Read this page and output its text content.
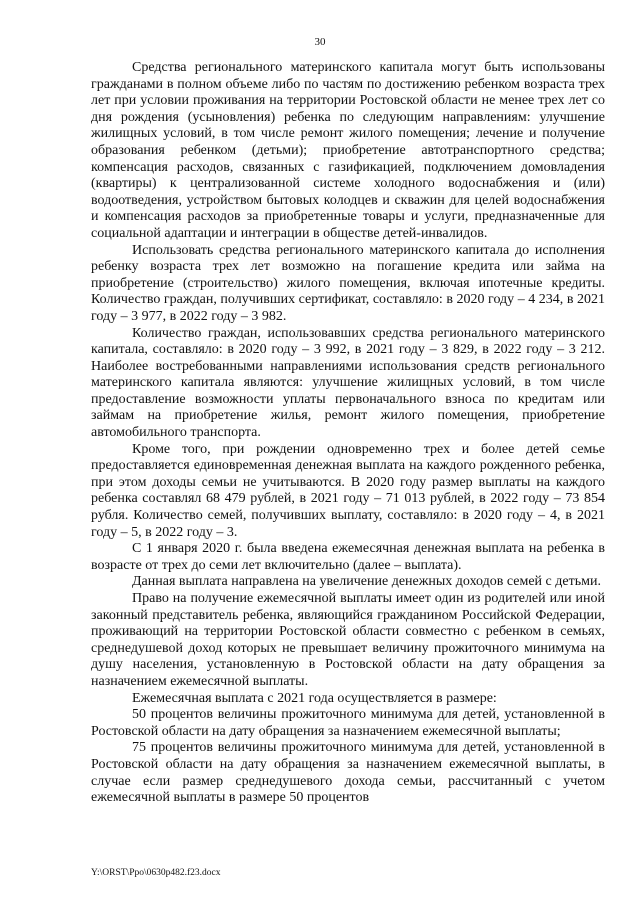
30

Средства регионального материнского капитала могут быть использованы гражданами в полном объеме либо по частям по достижению ребенком возраста трех лет при условии проживания на территории Ростовской области не менее трех лет со дня рождения (усыновления) ребенка по следующим направлениям: улучшение жилищных условий, в том числе ремонт жилого помещения; лечение и получение образования ребенком (детьми); приобретение автотранспортного средства; компенсация расходов, связанных с газификацией, подключением домовладения (квартиры) к централизованной системе холодного водоснабжения и (или) водоотведения, устройством бытовых колодцев и скважин для целей водоснабжения и компенсация расходов за приобретенные товары и услуги, предназначенные для социальной адаптации и интеграции в обществе детей-инвалидов.

Использовать средства регионального материнского капитала до исполнения ребенку возраста трех лет возможно на погашение кредита или займа на приобретение (строительство) жилого помещения, включая ипотечные кредиты. Количество граждан, получивших сертификат, составляло: в 2020 году – 4 234, в 2021 году – 3 977, в 2022 году – 3 982.

Количество граждан, использовавших средства регионального материнского капитала, составляло: в 2020 году – 3 992, в 2021 году – 3 829, в 2022 году – 3 212. Наиболее востребованными направлениями использования средств регионального материнского капитала являются: улучшение жилищных условий, в том числе предоставление возможности уплаты первоначального взноса по кредитам или займам на приобретение жилья, ремонт жилого помещения, приобретение автомобильного транспорта.

Кроме того, при рождении одновременно трех и более детей семье предоставляется единовременная денежная выплата на каждого рожденного ребенка, при этом доходы семьи не учитываются. В 2020 году размер выплаты на каждого ребенка составлял 68 479 рублей, в 2021 году – 71 013 рублей, в 2022 году – 73 854 рубля. Количество семей, получивших выплату, составляло: в 2020 году – 4, в 2021 году – 5, в 2022 году – 3.

С 1 января 2020 г. была введена ежемесячная денежная выплата на ребенка в возрасте от трех до семи лет включительно (далее – выплата).

Данная выплата направлена на увеличение денежных доходов семей с детьми.

Право на получение ежемесячной выплаты имеет один из родителей или иной законный представитель ребенка, являющийся гражданином Российской Федерации, проживающий на территории Ростовской области совместно с ребенком в семьях, среднедушевой доход которых не превышает величину прожиточного минимума на душу населения, установленную в Ростовской области на дату обращения за назначением ежемесячной выплаты.

Ежемесячная выплата с 2021 года осуществляется в размере:

50 процентов величины прожиточного минимума для детей, установленной в Ростовской области на дату обращения за назначением ежемесячной выплаты;

75 процентов величины прожиточного минимума для детей, установленной в Ростовской области на дату обращения за назначением ежемесячной выплаты, в случае если размер среднедушевого дохода семьи, рассчитанный с учетом ежемесячной выплаты в размере 50 процентов

Y:\ORST\Ppo\0630p482.f23.docx
